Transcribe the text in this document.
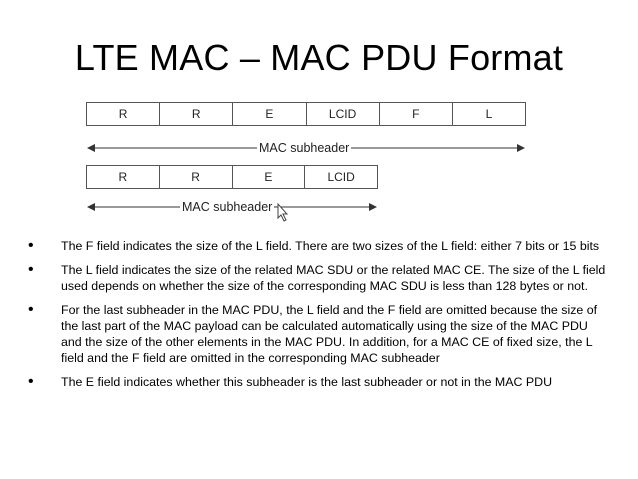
LTE MAC – MAC PDU Format
R	R	E	LCID	F	L
MAC subheader
R	R	E	LCID
MAC subheader
• The F field indicates the size of the L field. There are two sizes of the L field: either 7 bits or 15 bits
• The L field indicates the size of the related MAC SDU or the related MAC CE. The size of the L field used depends on whether the size of the corresponding MAC SDU is less than 128 bytes or not.
• For the last subheader in the MAC PDU, the L field and the F field are omitted because the size of the last part of the MAC payload can be calculated automatically using the size of the MAC PDU and the size of the other elements in the MAC PDU. In addition, for a MAC CE of fixed size, the L field and the F field are omitted in the corresponding MAC subheader
• The E field indicates whether this subheader is the last subheader or not in the MAC PDU
